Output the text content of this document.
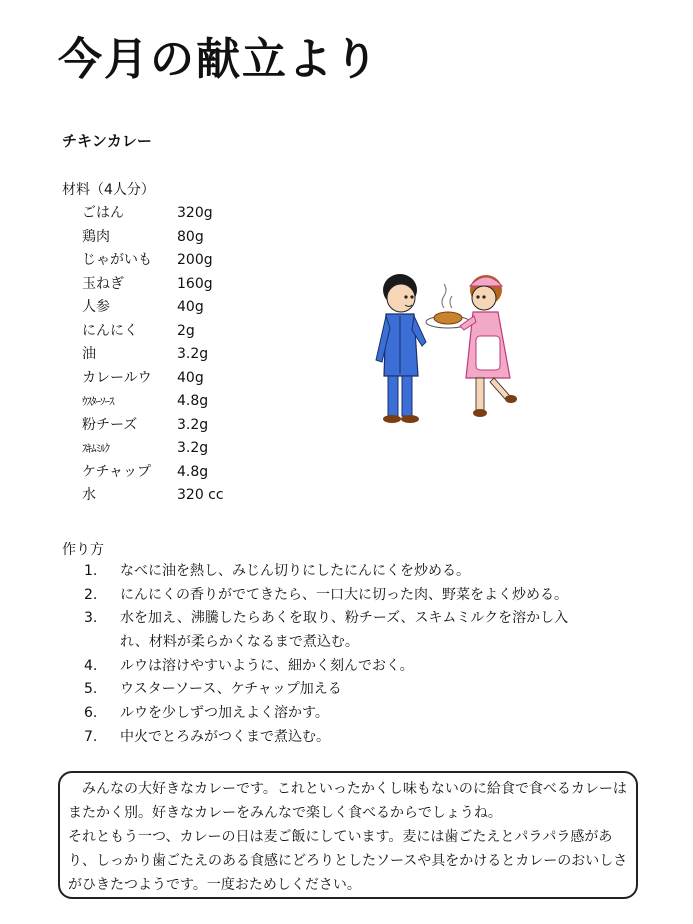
今月の献立より
チキンカレー
材料（4人分）
ごはん	320g
鶏肉	80g
じゃがいも 200g
玉ねぎ	160g
人参	40g
にんにく	2g
油	3.2g
カレールウ 40g
ｳｽﾀｰｿｰｽ	4.8g
粉チーズ	3.2g
ｽｷﾑﾐﾙｸ	3.2g
ケチャップ 4.8g
水	320 cc
作り方
1. なべに油を熱し、みじん切りにしたにんにくを炒める。
2. にんにくの香りがでてきたら、一口大に切った肉、野菜をよく炒める。
3. 水を加え、沸騰したらあくを取り、粉チーズ、スキムミルクを溶かし入
れ、材料が柔らかくなるまで煮込む。
4. ルウは溶けやすいように、細かく刻んでおく。
5. ウスターソース、ケチャップ加える
6. ルウを少しずつ加えよく溶かす。
7. 中火でとろみがつくまで煮込む。
　みんなの大好きなカレーです。これといったかくし味もないのに給食で食べるカレーはまたかく別。好きなカレーをみんなで楽しく食べるからでしょうね。
それともう一つ、カレーの日は麦ご飯にしています。麦には歯ごたえとパラパラ感があり、しっかり歯ごたえのある食感にどろりとしたソースや具をかけるとカレーのおいしさがひきたつようです。一度おためしください。
